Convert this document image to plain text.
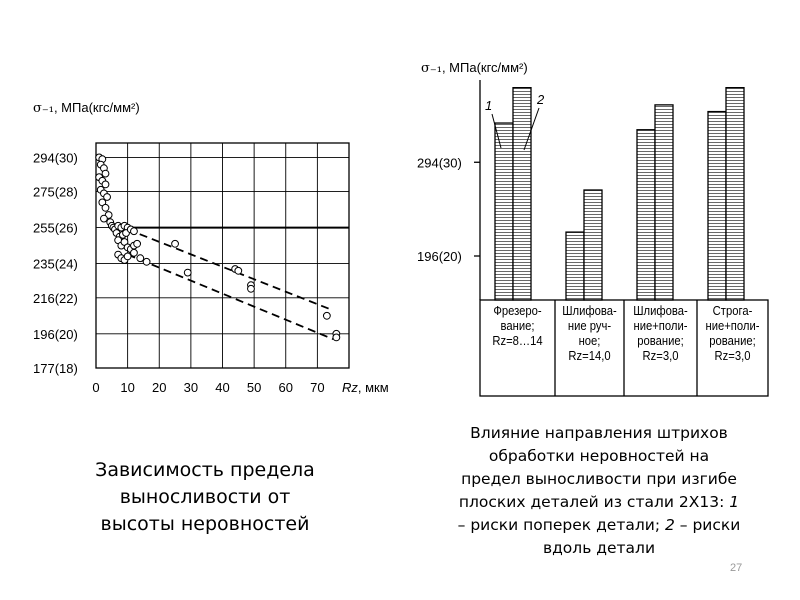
294(30)
275(28)
255(26)
235(24)
216(22)
196(20)
177(18)
0 10 20 30 40 50 60 70
σ₋₁, МПа(кгс/мм²)
Rz, мкм
σ₋₁, МПа(кгс/мм²)
294(30)
196(20)
1	2
Фрезеро-
вание;
Rz=8…14
Шлифова-
ние руч-
ное;
Rz=14,0
Шлифова-
ние+поли-
рование;
Rz=3,0
Строга-
ние+поли-
рование;
Rz=3,0
Зависимость предела
выносливости от
высоты неровностей
Влияние направления штрихов
обработки неровностей на
предел выносливости при изгибе
плоских деталей из стали 2Х13: 1
– риски поперек детали; 2 – риски
вдоль детали
27
